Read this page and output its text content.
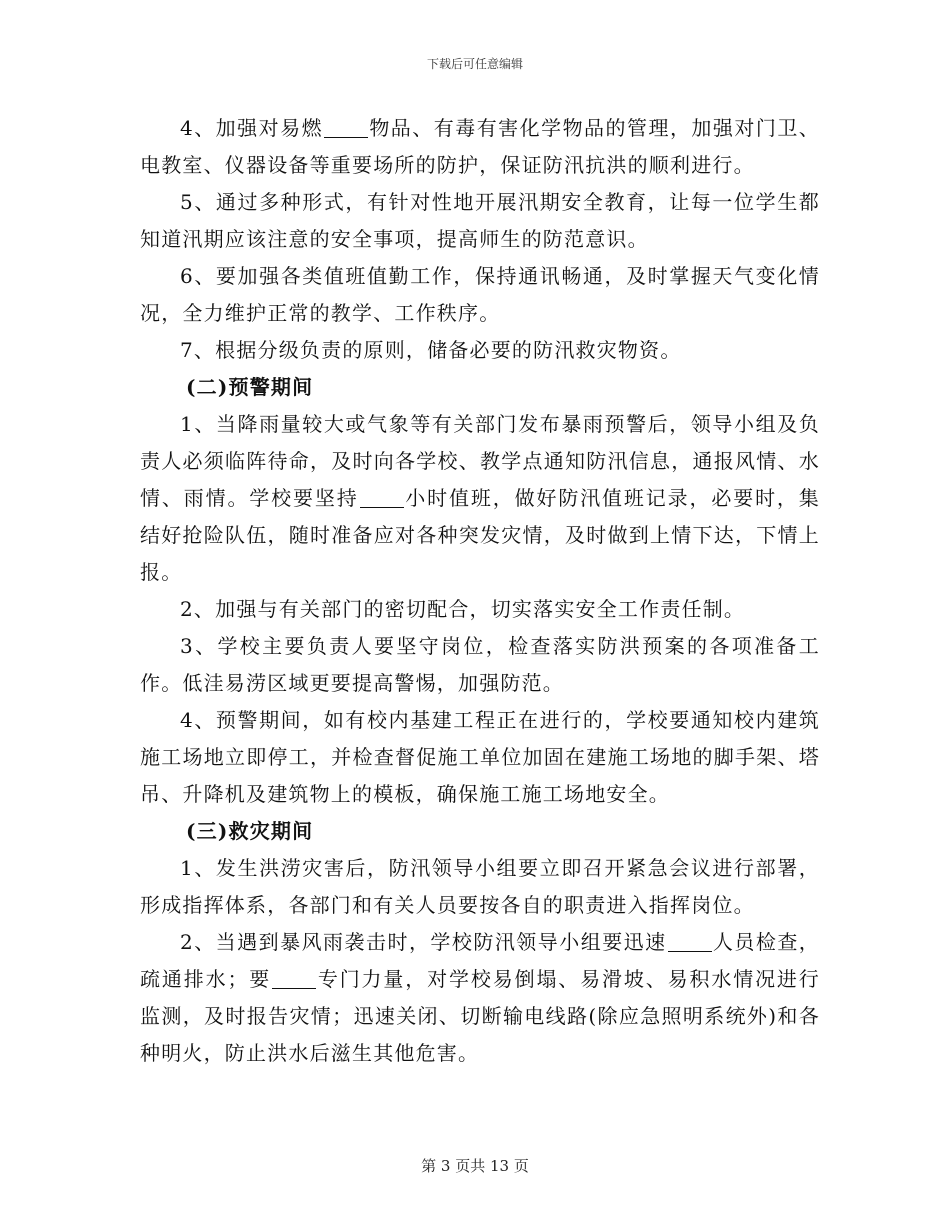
下载后可任意编辑

4、加强对易燃 物品、有毒有害化学物品的管理，加强对门卫、电教室、仪器设备等重要场所的防护，保证防汛抗洪的顺利进行。

5、通过多种形式，有针对性地开展汛期安全教育，让每一位学生都知道汛期应该注意的安全事项，提高师生的防范意识。

6、要加强各类值班值勤工作，保持通讯畅通，及时掌握天气变化情况，全力维护正常的教学、工作秩序。

7、根据分级负责的原则，储备必要的防汛救灾物资。

(二)预警期间

1、当降雨量较大或气象等有关部门发布暴雨预警后，领导小组及负责人必须临阵待命，及时向各学校、教学点通知防汛信息，通报风情、水情、雨情。学校要坚持 小时值班，做好防汛值班记录，必要时，集结好抢险队伍，随时准备应对各种突发灾情，及时做到上情下达，下情上报。

2、加强与有关部门的密切配合，切实落实安全工作责任制。

3、学校主要负责人要坚守岗位，检查落实防洪预案的各项准备工作。低洼易涝区域更要提高警惕，加强防范。

4、预警期间，如有校内基建工程正在进行的，学校要通知校内建筑施工场地立即停工，并检查督促施工单位加固在建施工场地的脚手架、塔吊、升降机及建筑物上的模板，确保施工施工场地安全。

(三)救灾期间

1、发生洪涝灾害后，防汛领导小组要立即召开紧急会议进行部署，形成指挥体系，各部门和有关人员要按各自的职责进入指挥岗位。

2、当遇到暴风雨袭击时，学校防汛领导小组要迅速 人员检查，疏通排水；要 专门力量，对学校易倒塌、易滑坡、易积水情况进行监测，及时报告灾情；迅速关闭、切断输电线路(除应急照明系统外)和各种明火，防止洪水后滋生其他危害。

第 3 页共 13 页
